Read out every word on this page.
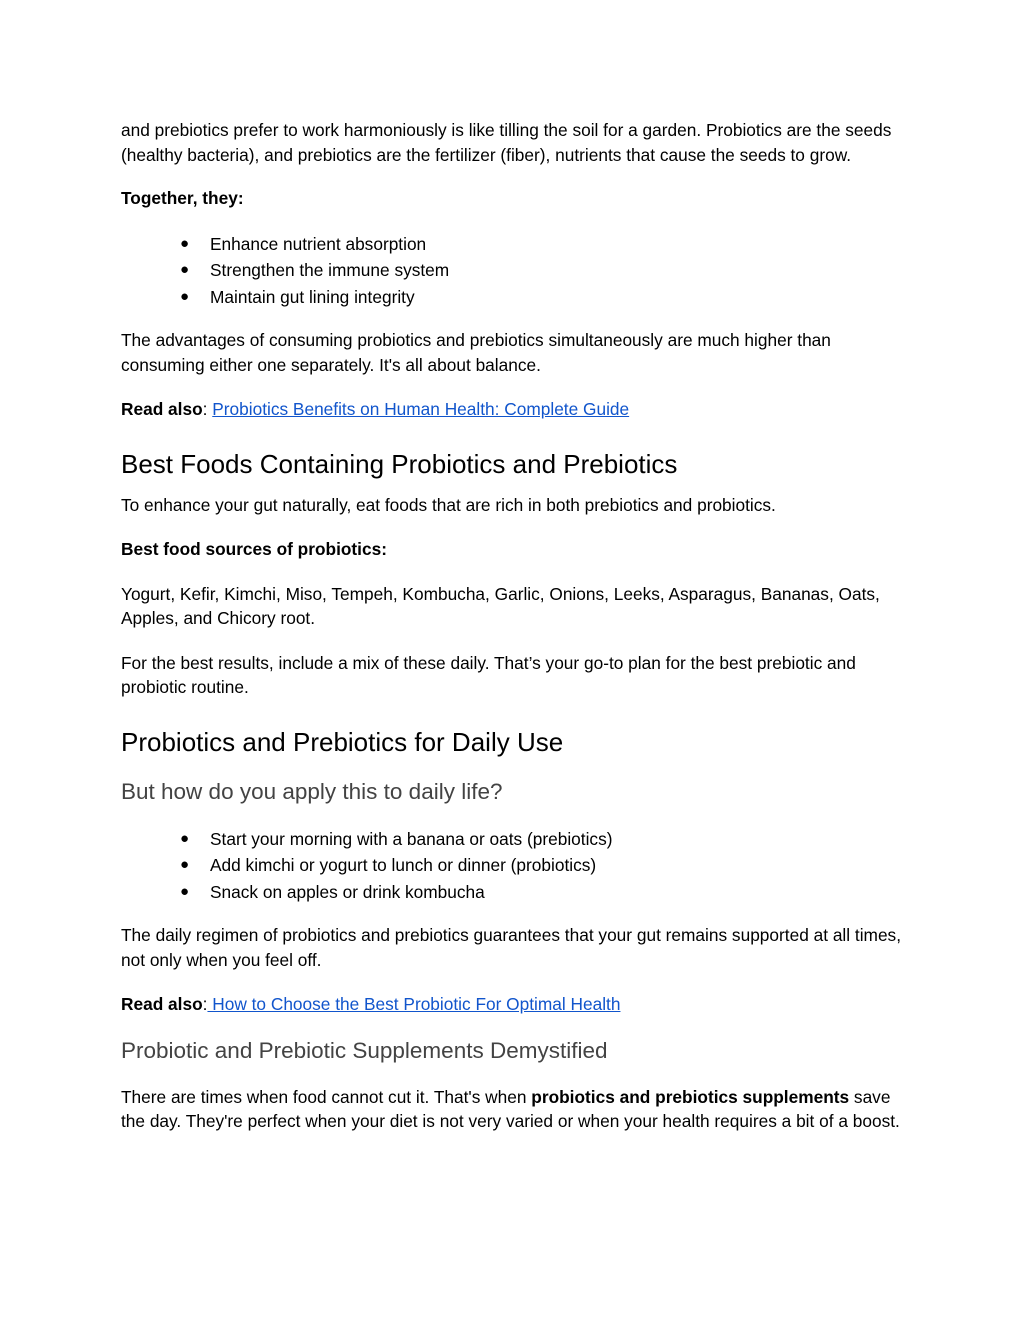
and prebiotics prefer to work harmoniously is like tilling the soil for a garden. Probiotics are the seeds (healthy bacteria), and prebiotics are the fertilizer (fiber), nutrients that cause the seeds to grow.

Together, they:

● Enhance nutrient absorption
● Strengthen the immune system
● Maintain gut lining integrity

The advantages of consuming probiotics and prebiotics simultaneously are much higher than consuming either one separately. It's all about balance.

Read also: Probiotics Benefits on Human Health: Complete Guide

Best Foods Containing Probiotics and Prebiotics

To enhance your gut naturally, eat foods that are rich in both prebiotics and probiotics.

Best food sources of probiotics:

Yogurt, Kefir, Kimchi, Miso, Tempeh, Kombucha, Garlic, Onions, Leeks, Asparagus, Bananas, Oats, Apples, and Chicory root.

For the best results, include a mix of these daily. That’s your go-to plan for the best prebiotic and probiotic routine.

Probiotics and Prebiotics for Daily Use
But how do you apply this to daily life?
● Start your morning with a banana or oats (prebiotics)
● Add kimchi or yogurt to lunch or dinner (probiotics)
● Snack on apples or drink kombucha

The daily regimen of probiotics and prebiotics guarantees that your gut remains supported at all times, not only when you feel off.

Read also: How to Choose the Best Probiotic For Optimal Health

Probiotic and Prebiotic Supplements Demystified

There are times when food cannot cut it. That's when probiotics and prebiotics supplements save the day. They're perfect when your diet is not very varied or when your health requires a bit of a boost.
